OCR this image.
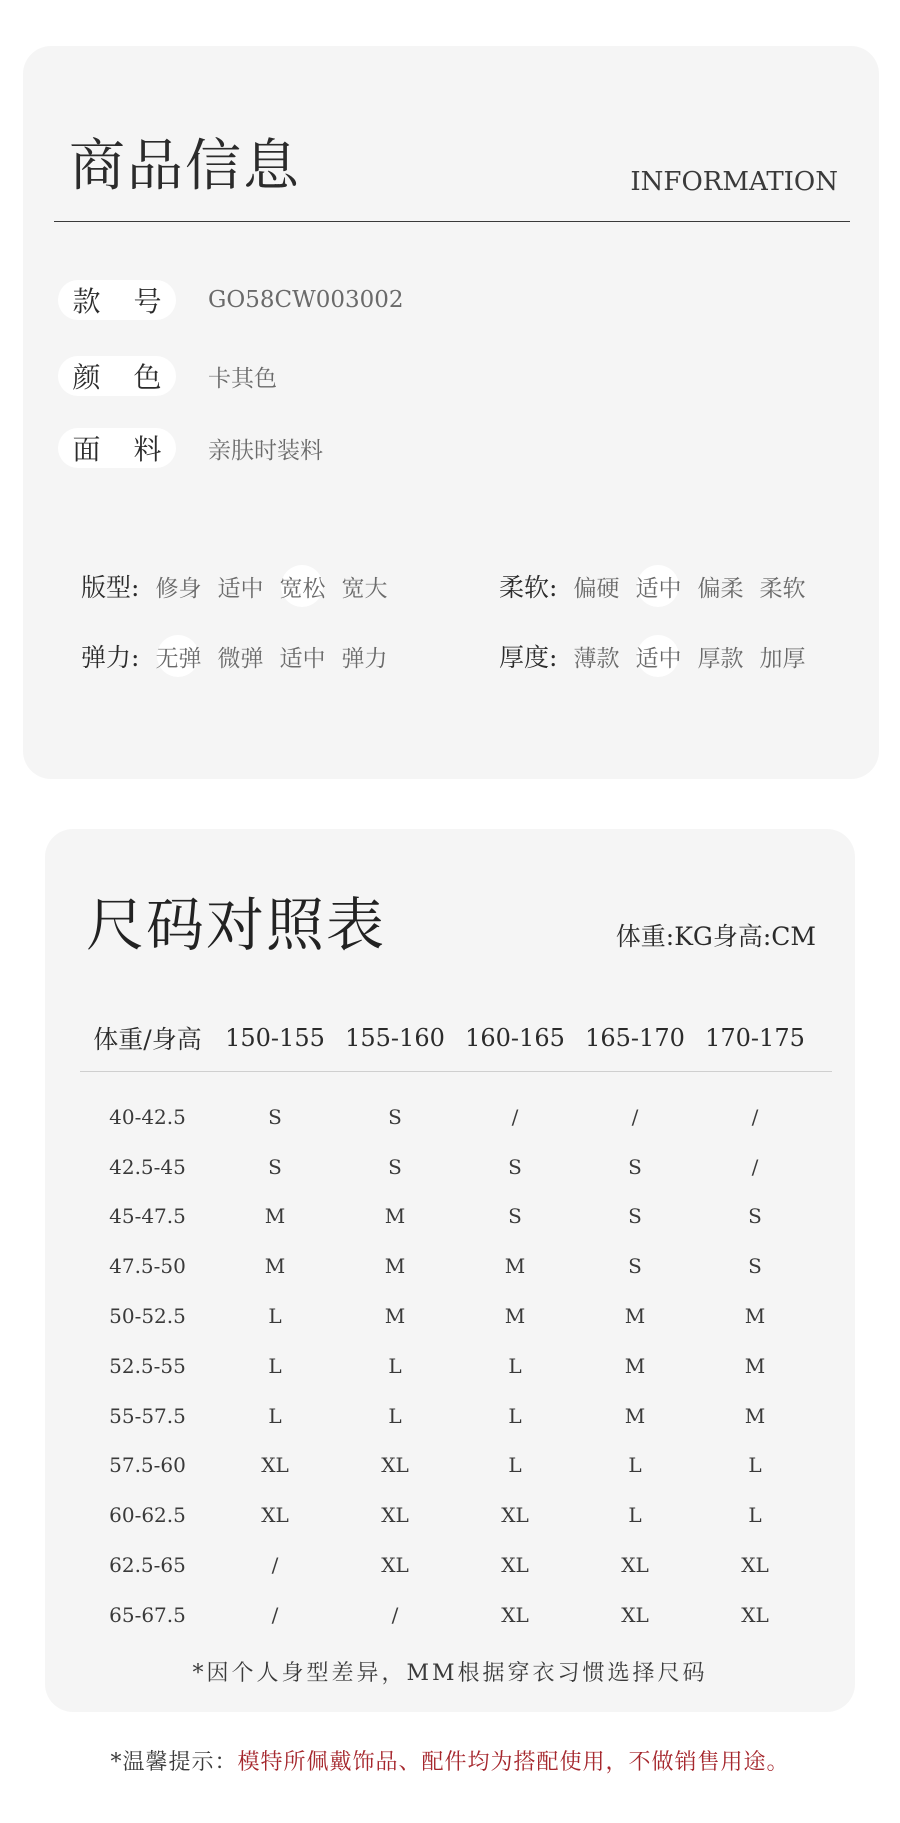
商品信息	INFORMATION
款 号 GO58CW003002
颜 色 卡其色
面 料 亲肤时装料
版型: 修身 适中 宽松 宽大	柔软: 偏硬 适中 偏柔 柔软
弹力: 无弹 微弹 适中 弹力	厚度: 薄款 适中 厚款 加厚
尺码对照表	体重:KG身高:CM
体重/身高 150-155 155-160 160-165 165-170 170-175
40-42.5	S	S	/	/	/
42.5-45	S	S	S	S	/
45-47.5	M	M	S	S	S
47.5-50	M	M	M	S	S
50-52.5	L	M	M	M	M
52.5-55	L	L	L	M	M
55-57.5	L	L	L	M	M
57.5-60	XL	XL	L	L	L
60-62.5	XL	XL	XL	L	L
62.5-65	/	XL	XL	XL	XL
65-67.5	/	/	XL	XL	XL
*因个人身型差异，MM根据穿衣习惯选择尺码
*温馨提示：模特所佩戴饰品、配件均为搭配使用，不做销售用途。
